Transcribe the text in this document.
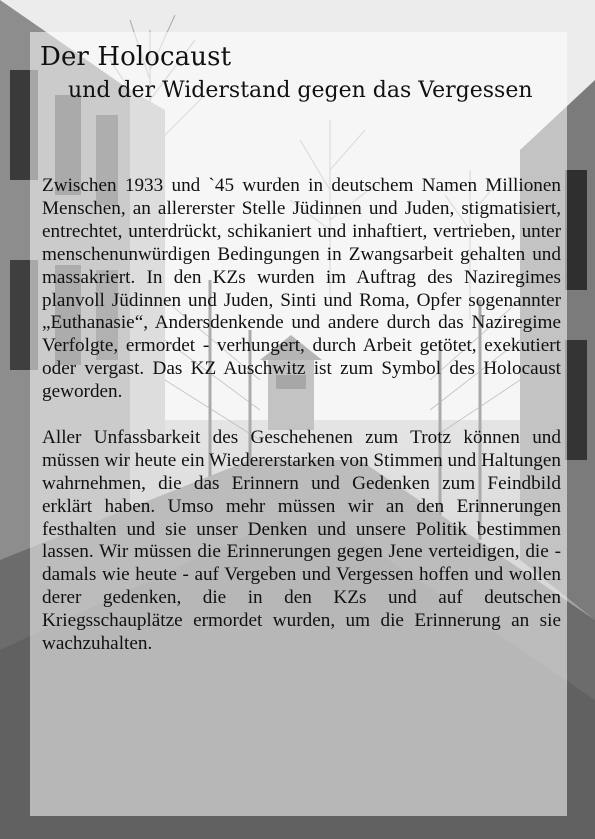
Der Holocaust
und der Widerstand gegen das Vergessen

Zwischen 1933 und `45 wurden in deutschem Namen Millionen Menschen, an allererster Stelle Jüdinnen und Juden, stigmatisiert, entrechtet, unterdrückt, schikaniert und inhaftiert, vertrieben, unter menschenunwürdigen Bedingungen in Zwangsarbeit gehalten und massakriert. In den KZs wurden im Auftrag des Naziregimes planvoll Jüdinnen und Juden, Sinti und Roma, Opfer sogenannter „Euthanasie“, Andersdenkende und andere durch das Naziregime Verfolgte, ermordet - verhungert, durch Arbeit getötet, exekutiert oder vergast. Das KZ Auschwitz ist zum Symbol des Holocaust geworden.

Aller Unfassbarkeit des Geschehenen zum Trotz können und müssen wir heute ein Wiedererstarken von Stimmen und Haltungen wahrnehmen, die das Erinnern und Gedenken zum Feindbild erklärt haben. Umso mehr müssen wir an den Erinnerungen festhalten und sie unser Denken und unsere Politik bestimmen lassen. Wir müssen die Erinnerungen gegen Jene verteidigen, die - damals wie heute - auf Vergeben und Vergessen hoffen und wollen derer gedenken, die in den KZs und auf deutschen Kriegsschauplätze ermordet wurden, um die Erinnerung an sie wachzuhalten.
